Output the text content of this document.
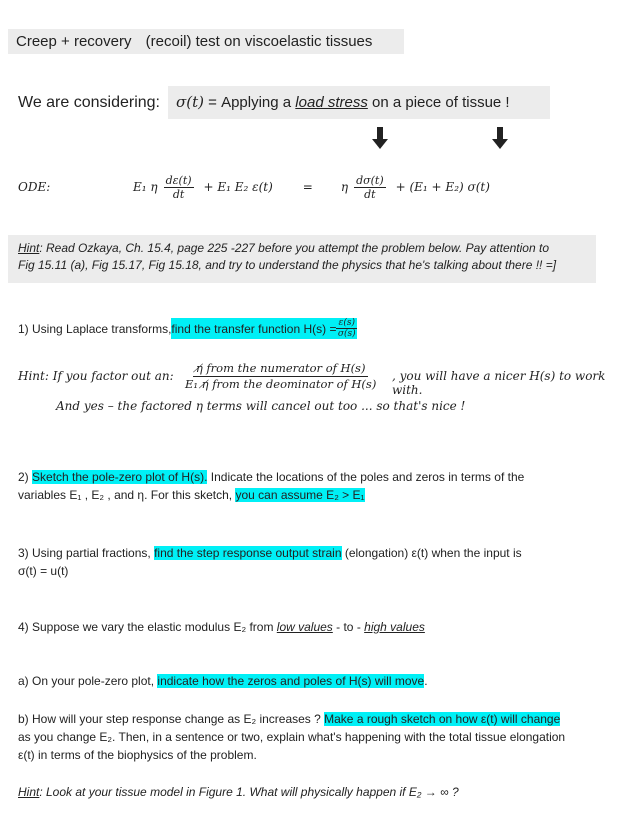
Creep + recovery (recoil) test on viscoelastic tissues
We are considering:	σ(t) = Applying a load stress on a piece of tissue !
ODE:	E₁ η $\frac{d\varepsilon(t)}{dt} + E_1$ E₂ ε(t)	= η $\frac{d\sigma(t)}{dt} + (E_1 + E_2)$ σ(t)
Hint: Read Ozkaya, Ch. 15.4, page 225 -227 before you attempt the problem below. Pay attention to
Fig 15.11 (a), Fig 15.17, Fig 15.18, and try to understand the physics that he's talking about there !! =]
1) Using Laplace transforms, find the transfer function $H(s) = \frac{\varepsilon(s)}{\sigma(s)}$
Hint: If you factor out an:
η̸ from the numerator of H(s)
E₁ η̸ from the deominator of H(s)
, you will have a nicer H(s) to work with.
And yes – the factored η terms will cancel out too ... so that's nice !
2) Sketch the pole-zero plot of H(s). Indicate the locations of the poles and zeros in terms of the
variables E₁ , E₂ , and η. For this sketch, you can assume E₂ > E₁
3) Using partial fractions, find the step response output strain (elongation) ε(t) when the input is
σ(t) = u(t)
4) Suppose we vary the elastic modulus E₂ from low values - to - high values
a) On your pole-zero plot, indicate how the zeros and poles of H(s) will move.
b) How will your step response change as E₂ increases ? Make a rough sketch on how ε(t) will change
as you change E₂. Then, in a sentence or two, explain what's happening with the total tissue elongation
ε(t) in terms of the biophysics of the problem.
Hint: Look at your tissue model in Figure 1. What will physically happen if E₂ → ∞ ?
